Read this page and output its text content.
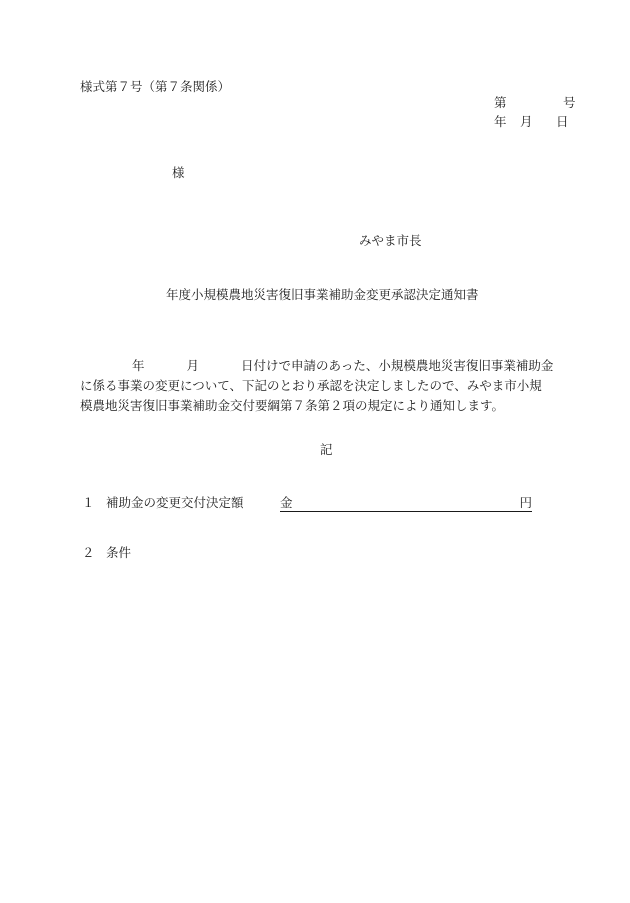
様式第７号（第７条関係）
第	号
年 月 日
様
みやま市長
年度小規模農地災害復旧事業補助金変更承認決定通知書
年	月	日付けで申請のあった、小規模農地災害復旧事業補助金
に係る事業の変更について、下記のとおり承認を決定しましたので、みやま市小規
模農地災害復旧事業補助金交付要綱第７条第２項の規定により通知します。
記
１ 補助金の変更交付決定額	金	円
２ 条件
